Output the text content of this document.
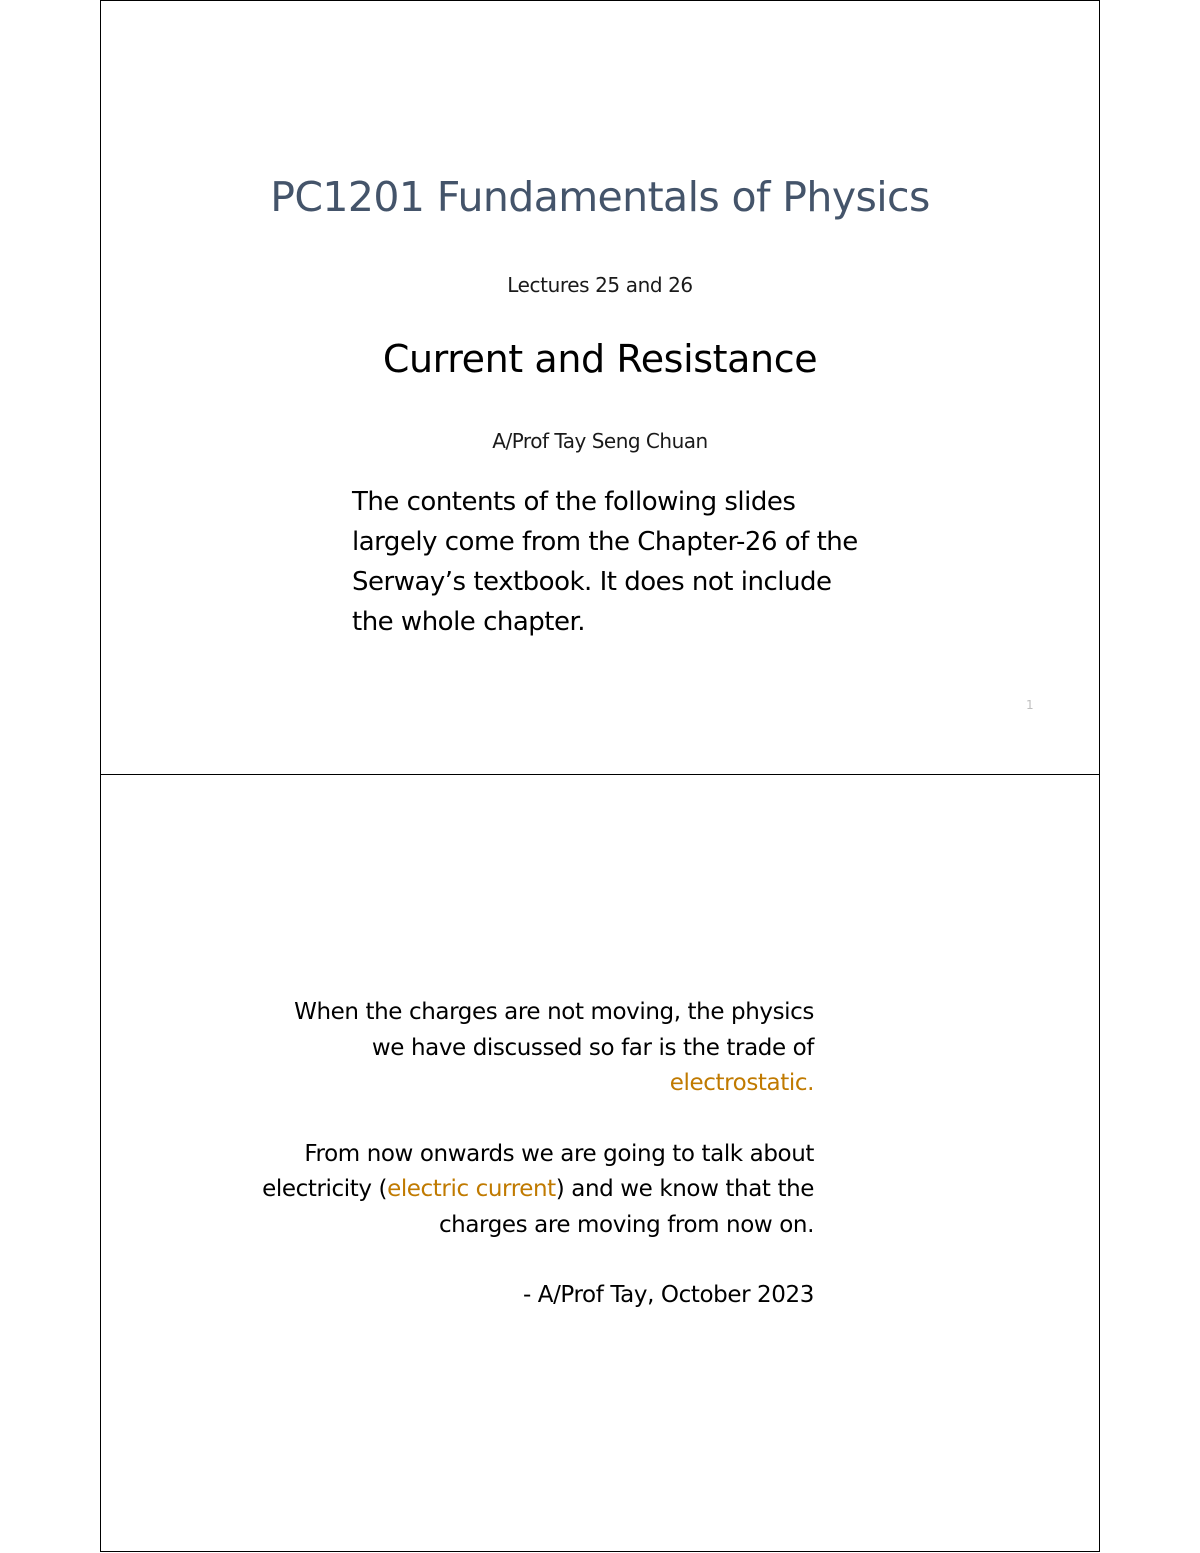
PC1201 Fundamentals of Physics
Lectures 25 and 26
Current and Resistance
A/Prof Tay Seng Chuan
The contents of the following slides largely come from the Chapter-26 of the Serway’s textbook. It does not include the whole chapter.
1

When the charges are not moving, the physics we have discussed so far is the trade of electrostatic.

From now onwards we are going to talk about electricity (electric current) and we know that the charges are moving from now on.

- A/Prof Tay, October 2023
